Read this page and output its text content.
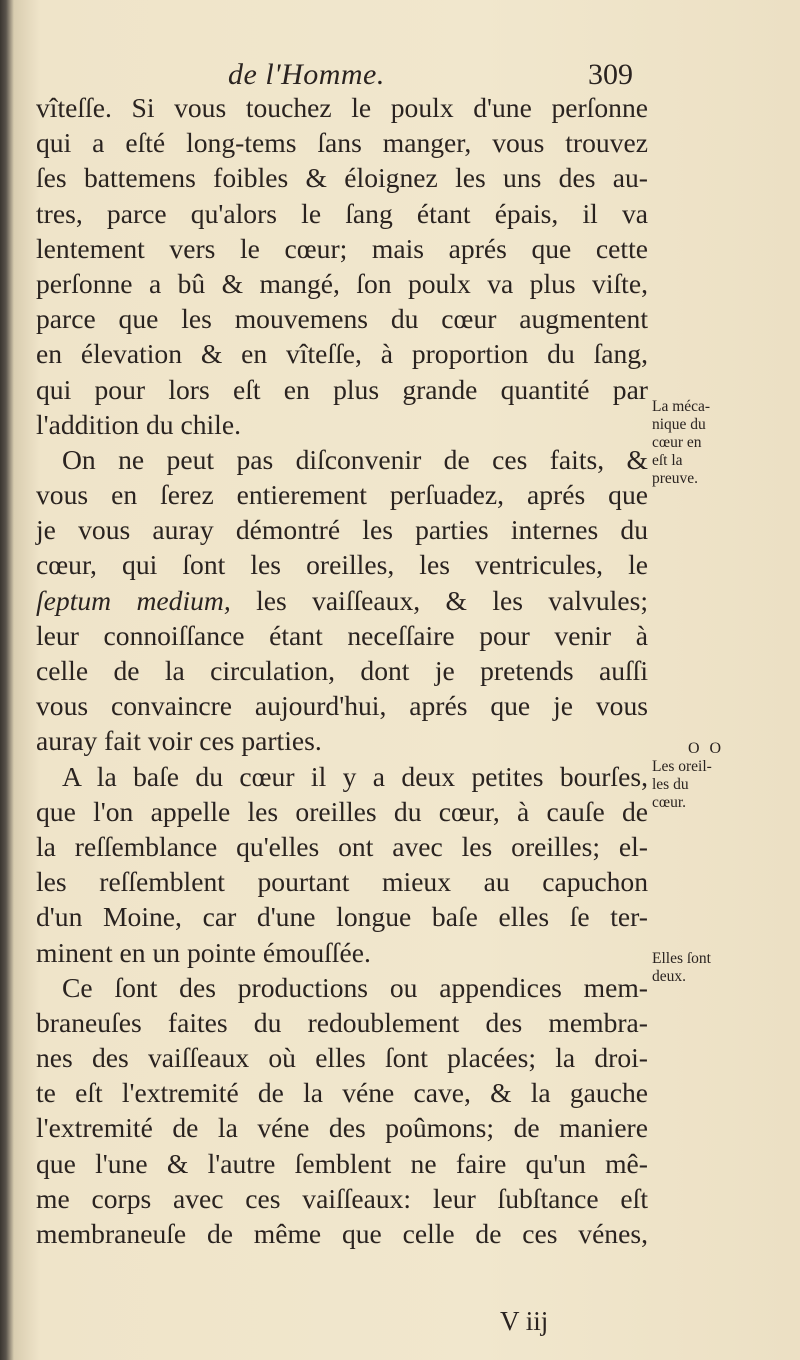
de l'Homme.	309
vîteſſe. Si vous touchez le poulx d'une perſonne
qui a eſté long-tems ſans manger, vous trouvez
ſes battemens foibles & éloignez les uns des au-
tres, parce qu'alors le ſang étant épais, il va
lentement vers le cœur; mais aprés que cette
perſonne a bû & mangé, ſon poulx va plus viſte,
parce que les mouvemens du cœur augmentent
en élevation & en vîteſſe, à proportion du ſang,
qui pour lors eſt en plus grande quantité par
l'addition du chile.
On ne peut pas diſconvenir de ces faits, &
vous en ſerez entierement perſuadez, aprés que
je vous auray démontré les parties internes du
cœur, qui ſont les oreilles, les ventricules, le
ſeptum medium, les vaiſſeaux, & les valvules;
leur connoiſſance étant neceſſaire pour venir à
celle de la circulation, dont je pretends auſſi
vous convaincre aujourd'hui, aprés que je vous
auray fait voir ces parties.
A la baſe du cœur il y a deux petites bourſes,
que l'on appelle les oreilles du cœur, à cauſe de
la reſſemblance qu'elles ont avec les oreilles; el-
les reſſemblent pourtant mieux au capuchon
d'un Moine, car d'une longue baſe elles ſe ter-
minent en un pointe émouſſée.
Ce ſont des productions ou appendices mem-
braneuſes faites du redoublement des membra-
nes des vaiſſeaux où elles ſont placées; la droi-
te eſt l'extremité de la véne cave, & la gauche
l'extremité de la véne des poûmons; de maniere
que l'une & l'autre ſemblent ne faire qu'un mê-
me corps avec ces vaiſſeaux: leur ſubſtance eſt
membraneuſe de même que celle de ces vénes,
La méca-
nique du
cœur en
eſt la
preuve.
O O
Les oreil-
les du
cœur.
Elles ſont
deux.
V iij
